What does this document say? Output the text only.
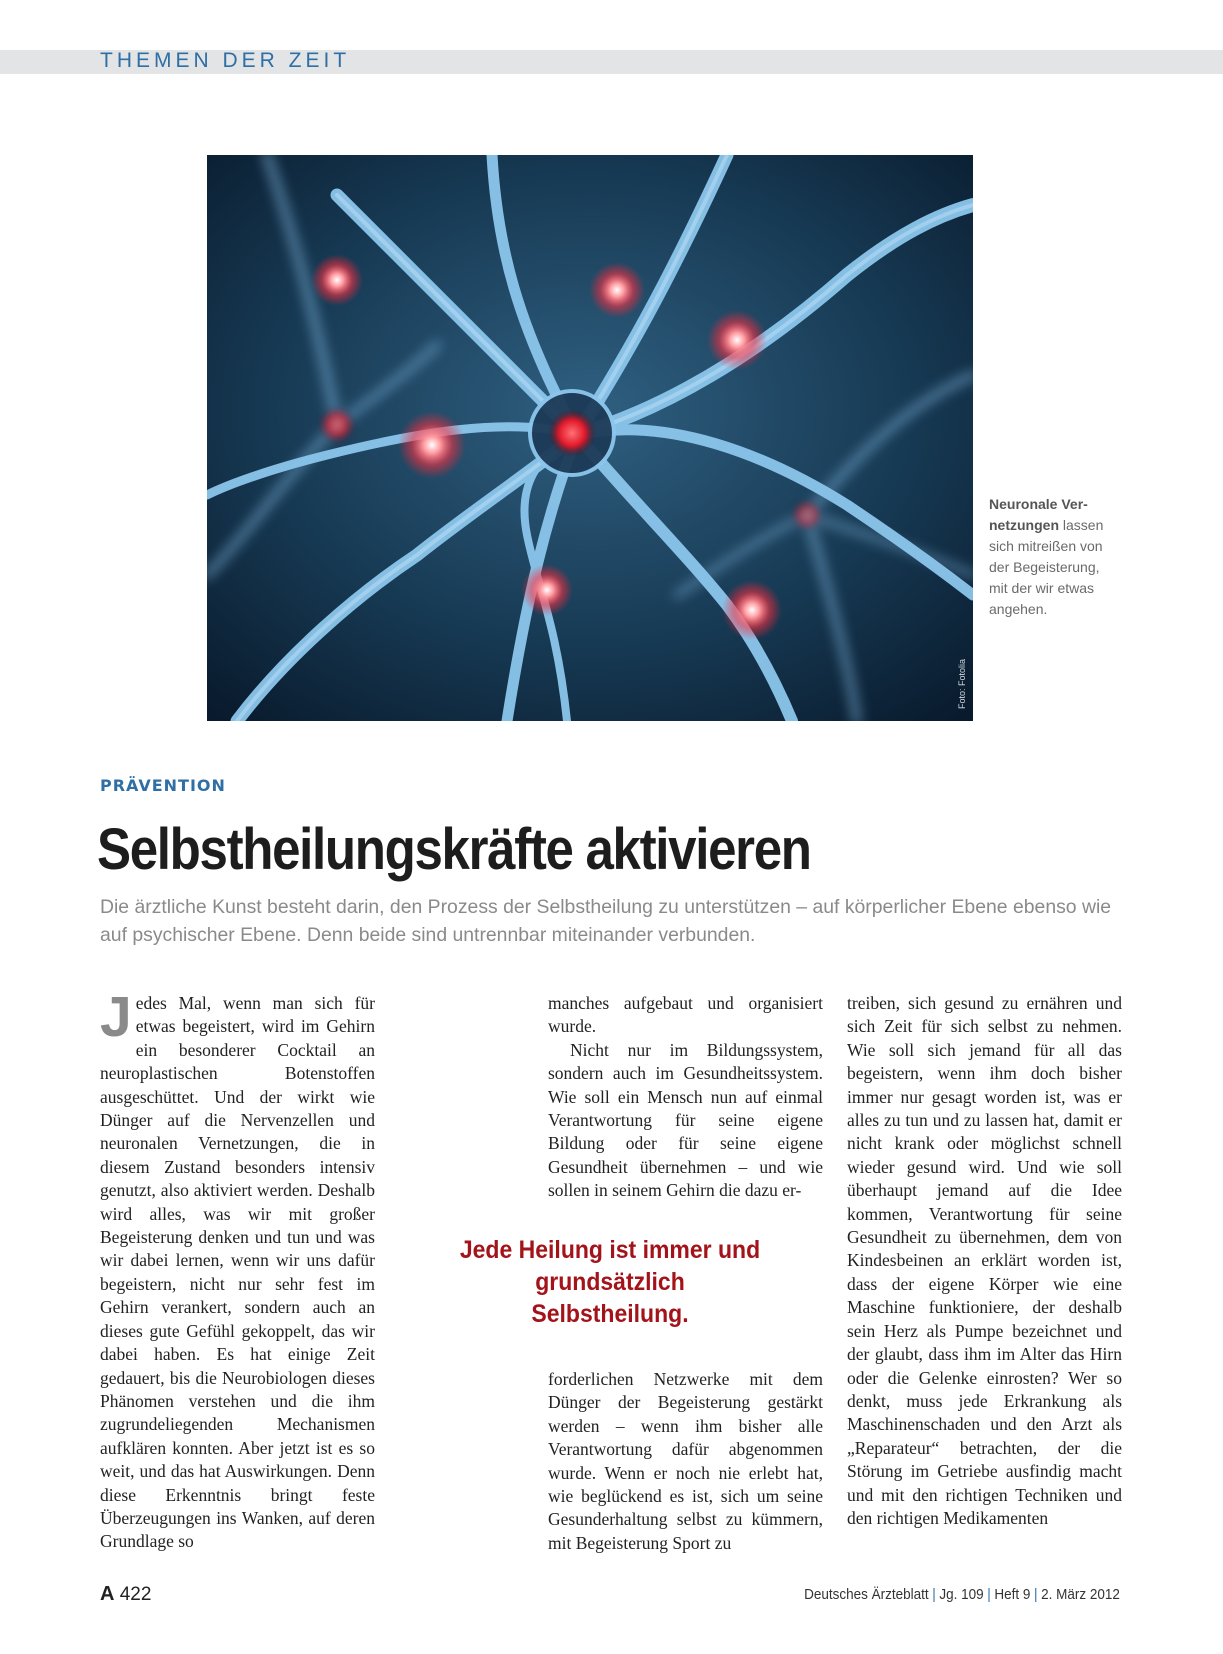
THEMEN DER ZEIT
Foto: Fotolia
Neuronale Ver-netzungen lassen sich mitreißen von der Begeisterung, mit der wir etwas angehen.
PRÄVENTION
Selbstheilungskräfte aktivieren
Die ärztliche Kunst besteht darin, den Prozess der Selbstheilung zu unterstützen – auf körperlicher Ebene ebenso wie auf psychischer Ebene. Denn beide sind untrennbar miteinander verbunden.

Jedes Mal, wenn man sich für etwas begeistert, wird im Gehirn ein besonderer Cocktail an neuroplastischen Botenstoffen ausgeschüttet. Und der wirkt wie Dünger auf die Nervenzellen und neuronalen Vernetzungen, die in diesem Zustand besonders intensiv genutzt, also aktiviert werden. Deshalb wird alles, was wir mit großer Begeisterung denken und tun und was wir dabei lernen, wenn wir uns dafür begeistern, nicht nur sehr fest im Gehirn verankert, sondern auch an dieses gute Gefühl gekoppelt, das wir dabei haben. Es hat einige Zeit gedauert, bis die Neurobiologen dieses Phänomen verstehen und die ihm zugrundeliegenden Mechanismen aufklären konnten. Aber jetzt ist es so weit, und das hat Auswirkungen. Denn diese Erkenntnis bringt feste Überzeugungen ins Wanken, auf deren Grundlage so

manches aufgebaut und organisiert wurde.

Nicht nur im Bildungssystem, sondern auch im Gesundheitssystem. Wie soll ein Mensch nun auf einmal Verantwortung für seine eigene Bildung oder für seine eigene Gesundheit übernehmen – und wie sollen in seinem Gehirn die dazu er-

Jede Heilung ist immer und grundsätzlich Selbstheilung.

forderlichen Netzwerke mit dem Dünger der Begeisterung gestärkt werden – wenn ihm bisher alle Verantwortung dafür abgenommen wurde. Wenn er noch nie erlebt hat, wie beglückend es ist, sich um seine Gesunderhaltung selbst zu kümmern, mit Begeisterung Sport zu

treiben, sich gesund zu ernähren und sich Zeit für sich selbst zu nehmen. Wie soll sich jemand für all das begeistern, wenn ihm doch bisher immer nur gesagt worden ist, was er alles zu tun und zu lassen hat, damit er nicht krank oder möglichst schnell wieder gesund wird. Und wie soll überhaupt jemand auf die Idee kommen, Verantwortung für seine Gesundheit zu übernehmen, dem von Kindesbeinen an erklärt worden ist, dass der eigene Körper wie eine Maschine funktioniere, der deshalb sein Herz als Pumpe bezeichnet und der glaubt, dass ihm im Alter das Hirn oder die Gelenke einrosten? Wer so denkt, muss jede Erkrankung als Maschinenschaden und den Arzt als „Reparateur“ betrachten, der die Störung im Getriebe ausfindig macht und mit den richtigen Techniken und den richtigen Medikamenten

A 422	Deutsches Ärzteblatt | Jg. 109 | Heft 9 | 2. März 2012
